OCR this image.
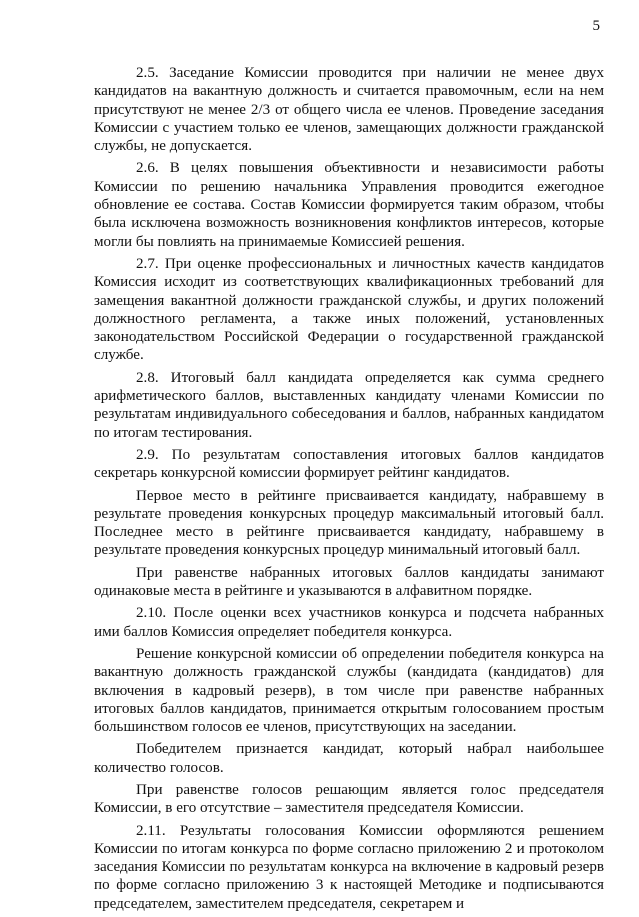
5

2.5. Заседание Комиссии проводится при наличии не менее двух кандидатов на вакантную должность и считается правомочным, если на нем присутствуют не менее 2/3 от общего числа ее членов. Проведение заседания Комиссии с участием только ее членов, замещающих должности гражданской службы, не допускается.

2.6. В целях повышения объективности и независимости работы Комиссии по решению начальника Управления проводится ежегодное обновление ее состава. Состав Комиссии формируется таким образом, чтобы была исключена возможность возникновения конфликтов интересов, которые могли бы повлиять на принимаемые Комиссией решения.

2.7. При оценке профессиональных и личностных качеств кандидатов Комиссия исходит из соответствующих квалификационных требований для замещения вакантной должности гражданской службы, и других положений должностного регламента, а также иных положений, установленных законодательством Российской Федерации о государственной гражданской службе.

2.8. Итоговый балл кандидата определяется как сумма среднего арифметического баллов, выставленных кандидату членами Комиссии по результатам индивидуального собеседования и баллов, набранных кандидатом по итогам тестирования.

2.9. По результатам сопоставления итоговых баллов кандидатов секретарь конкурсной комиссии формирует рейтинг кандидатов.

Первое место в рейтинге присваивается кандидату, набравшему в результате проведения конкурсных процедур максимальный итоговый балл. Последнее место в рейтинге присваивается кандидату, набравшему в результате проведения конкурсных процедур минимальный итоговый балл.

При равенстве набранных итоговых баллов кандидаты занимают одинаковые места в рейтинге и указываются в алфавитном порядке.

2.10. После оценки всех участников конкурса и подсчета набранных ими баллов Комиссия определяет победителя конкурса.

Решение конкурсной комиссии об определении победителя конкурса на вакантную должность гражданской службы (кандидата (кандидатов) для включения в кадровый резерв), в том числе при равенстве набранных итоговых баллов кандидатов, принимается открытым голосованием простым большинством голосов ее членов, присутствующих на заседании.

Победителем признается кандидат, который набрал наибольшее количество голосов.

При равенстве голосов решающим является голос председателя Комиссии, в его отсутствие – заместителя председателя Комиссии.

2.11. Результаты голосования Комиссии оформляются решением Комиссии по итогам конкурса по форме согласно приложению 2 и протоколом заседания Комиссии по результатам конкурса на включение в кадровый резерв по форме согласно приложению 3 к настоящей Методике и подписываются председателем, заместителем председателя, секретарем и
